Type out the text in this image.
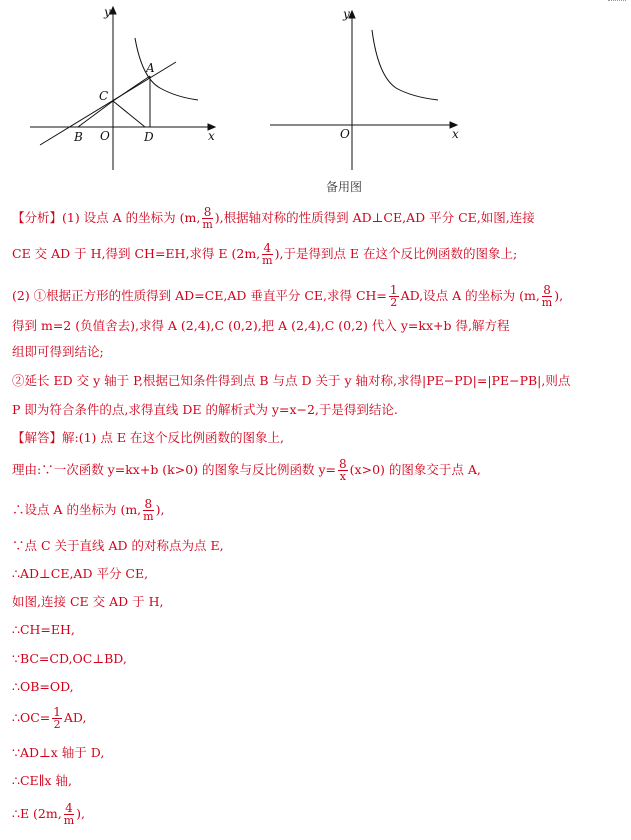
y
x
O
A
B
C
D
y
x
O
备用图
【分析】(1) 设点 A 的坐标为 (m, $\frac{8}{m}$ ),根据轴对称的性质得到 AD⊥CE,AD 平分 CE,如图,连接
CE 交 AD 于 H,得到 CH=EH,求得 E (2m, $\frac{4}{m}$ ),于是得到点 E 在这个反比例函数的图象上;
(2) ①根据正方形的性质得到 AD=CE,AD 垂直平分 CE,求得 $CH= \frac{1}{2}$ AD,设点 A 的坐标为 (m, $\frac{8}{m}$ ),
得到 m=2 (负值舍去),求得 A (2,4),C (0,2),把 A (2,4),C (0,2) 代入 y=kx+b 得,解方程
组即可得到结论;
②延长 ED 交 y 轴于 P,根据已知条件得到点 B 与点 D 关于 y 轴对称,求得|PE−PD|=|PE−PB|,则点
P 即为符合条件的点,求得直线 DE 的解析式为 y=x−2,于是得到结论.
【解答】解:(1) 点 E 在这个反比例函数的图象上,
理由:∵一次函数 y=kx+b (k>0) 的图象与反比例函数 $y= \frac{8}{x} (x>0)$ 的图象交于点 A,
∴设点 A 的坐标为 (m, $\frac{8}{m}$ ),
∵点 C 关于直线 AD 的对称点为点 E,
∴AD⊥CE,AD 平分 CE,
如图,连接 CE 交 AD 于 H,
∴CH=EH,
∵BC=CD,OC⊥BD,
∴OB=OD,
∴OC= $\frac{1}{2}$ AD,
∵AD⊥x 轴于 D,
∴CE∥x 轴,
∴E (2m, $\frac{4}{m}$ ),
